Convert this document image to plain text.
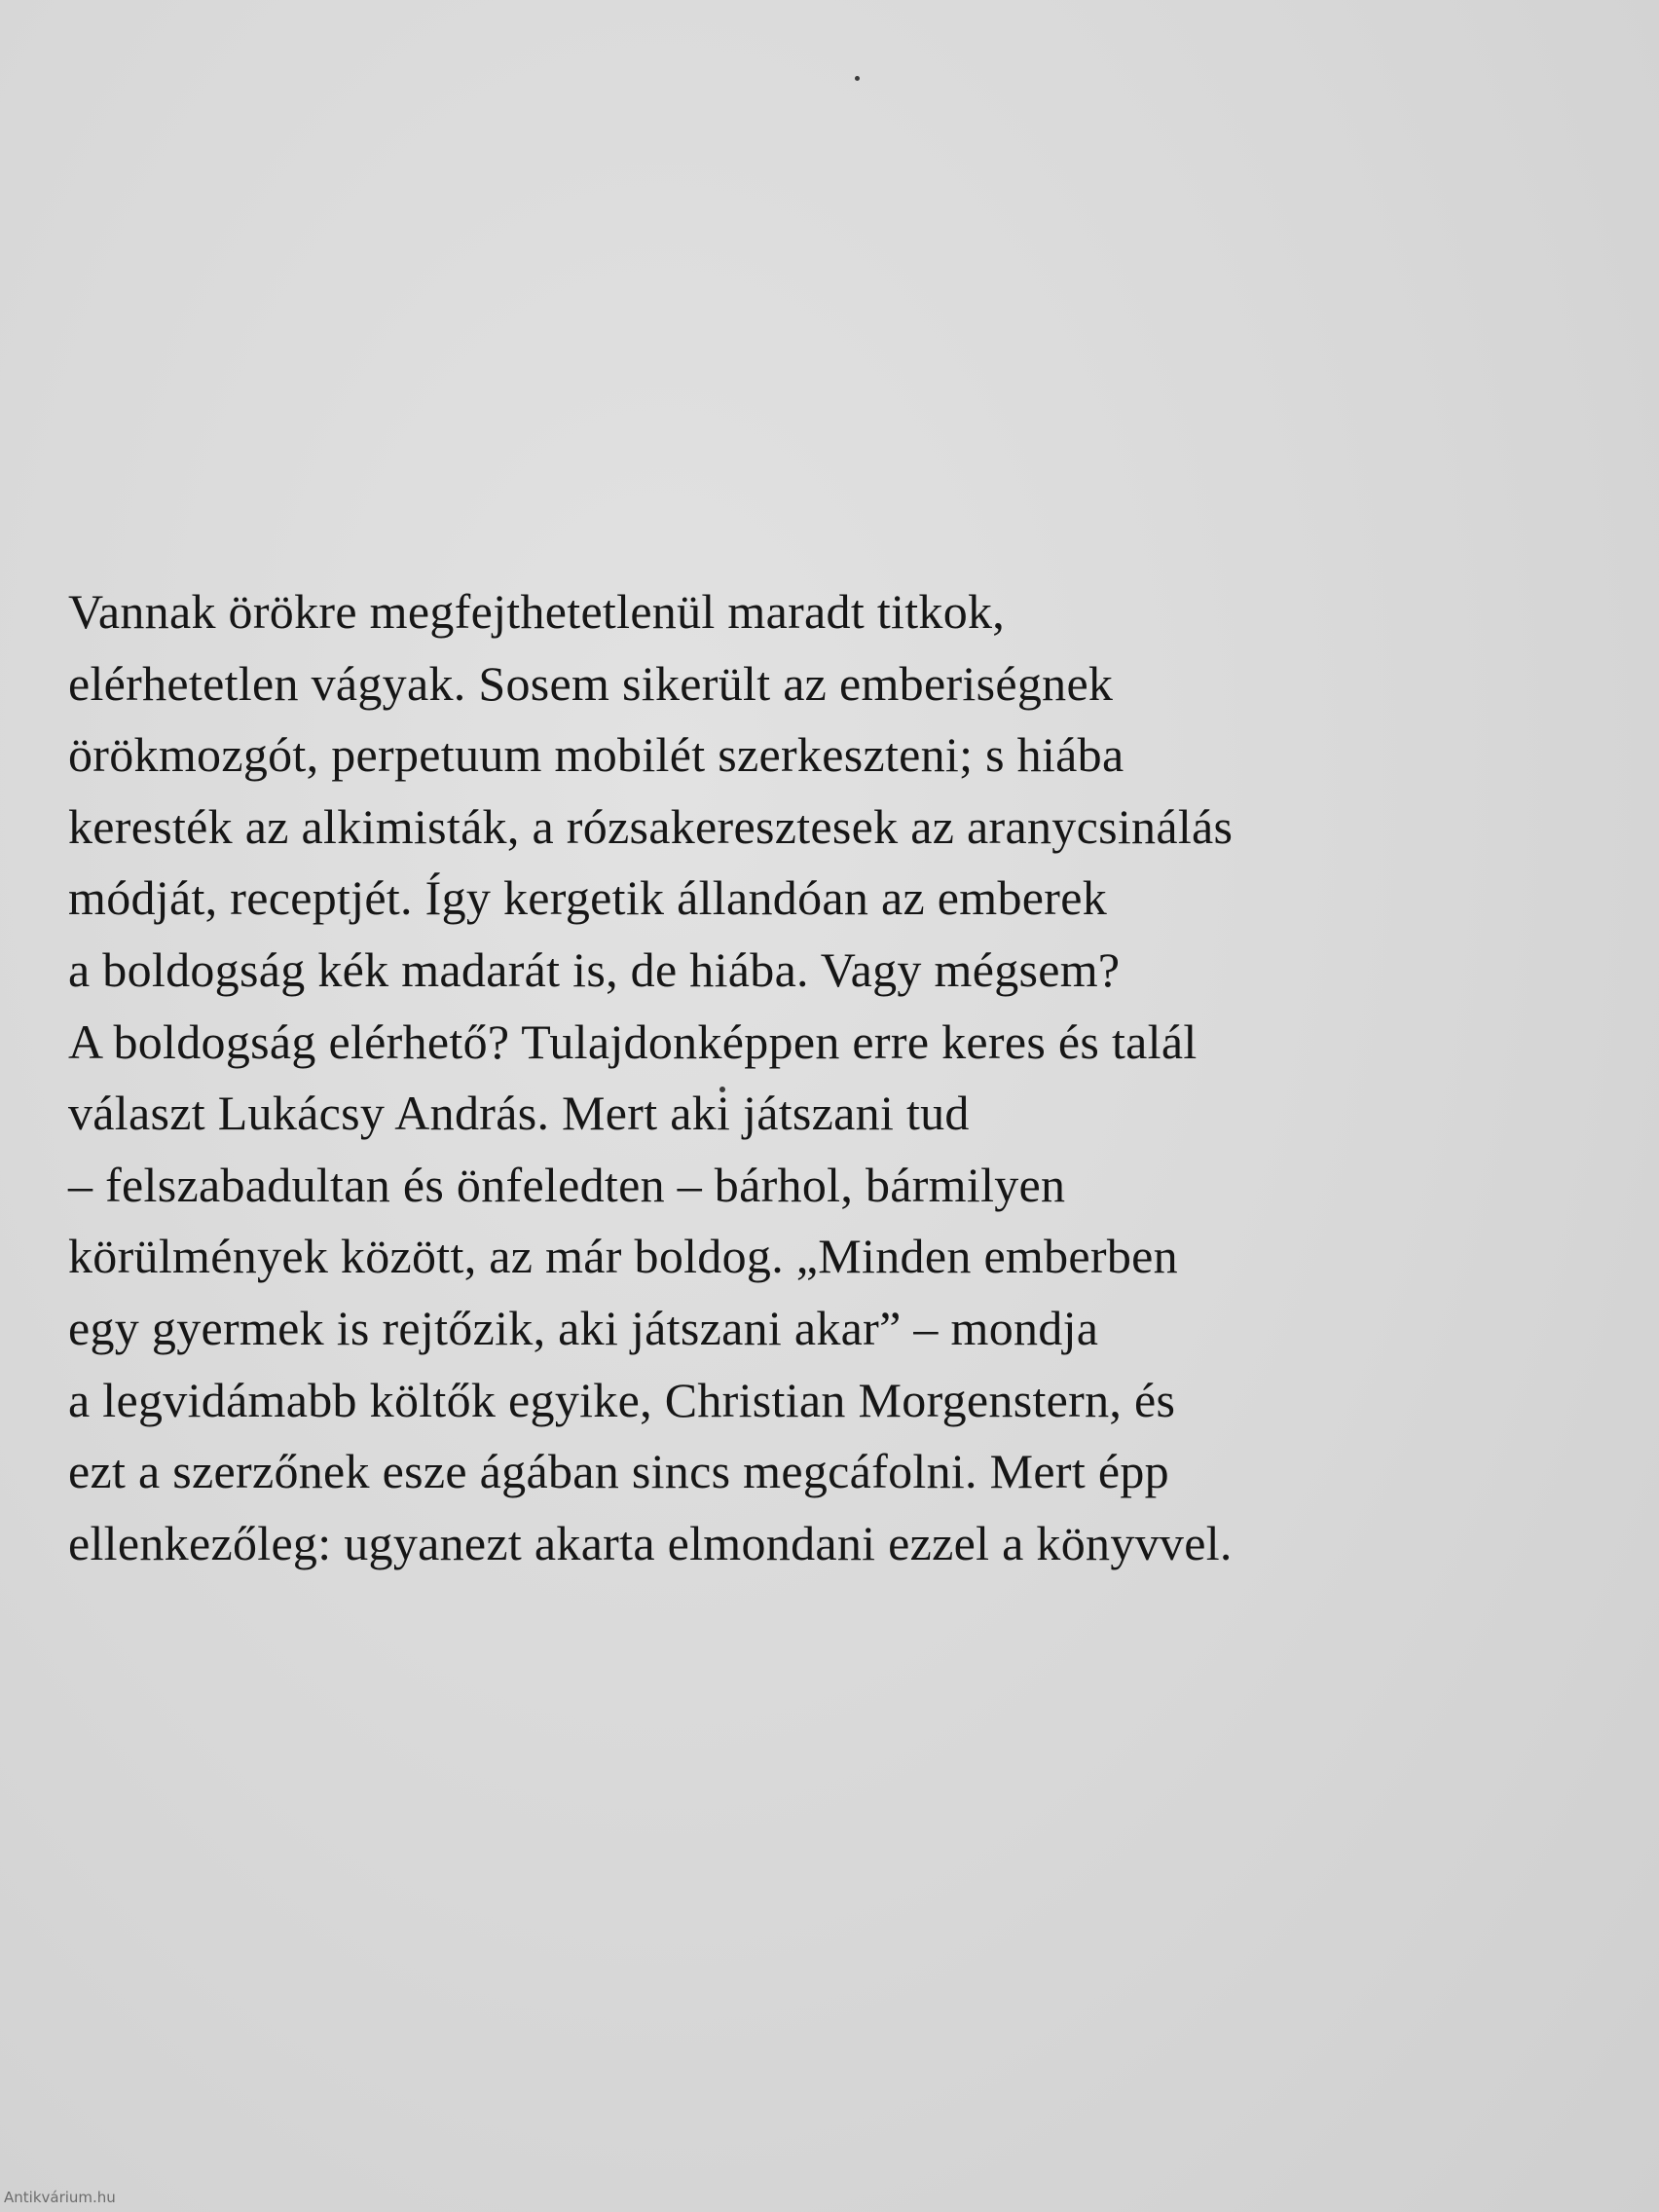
Vannak örökre megfejthetetlenül maradt titkok,
elérhetetlen vágyak. Sosem sikerült az emberiségnek
örökmozgót, perpetuum mobilét szerkeszteni; s hiába
keresték az alkimisták, a rózsakeresztesek az aranycsinálás
módját, receptjét. Így kergetik állandóan az emberek
a boldogság kék madarát is, de hiába. Vagy mégsem?
A boldogság elérhető? Tulajdonképpen erre keres és talál
választ Lukácsy András. Mert aki játszani tud
– felszabadultan és önfeledten – bárhol, bármilyen
körülmények között, az már boldog. „Minden emberben
egy gyermek is rejtőzik, aki játszani akar” – mondja
a legvidámabb költők egyike, Christian Morgenstern, és
ezt a szerzőnek esze ágában sincs megcáfolni. Mert épp
ellenkezőleg: ugyanezt akarta elmondani ezzel a könyvvel.
Antikvárium.hu
